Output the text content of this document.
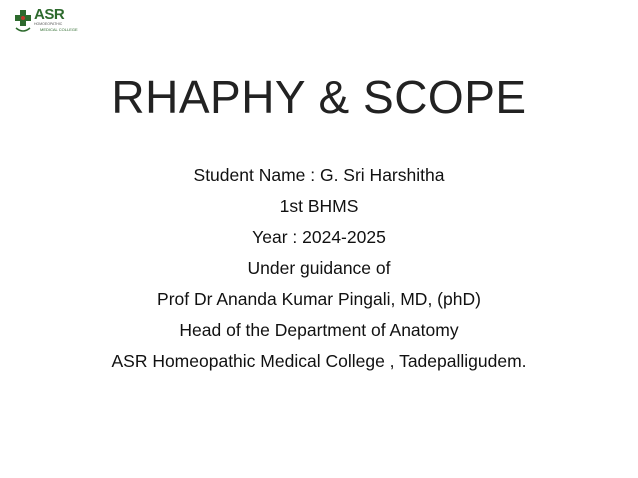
ASR
HOMOEOPATHIC
MEDICAL COLLEGE
RHAPHY & SCOPE
Student Name : G. Sri Harshitha
1st BHMS
Year : 2024-2025
Under guidance of
Prof Dr Ananda Kumar Pingali, MD, (phD)
Head of the Department of Anatomy
ASR Homeopathic Medical College , Tadepalligudem.
